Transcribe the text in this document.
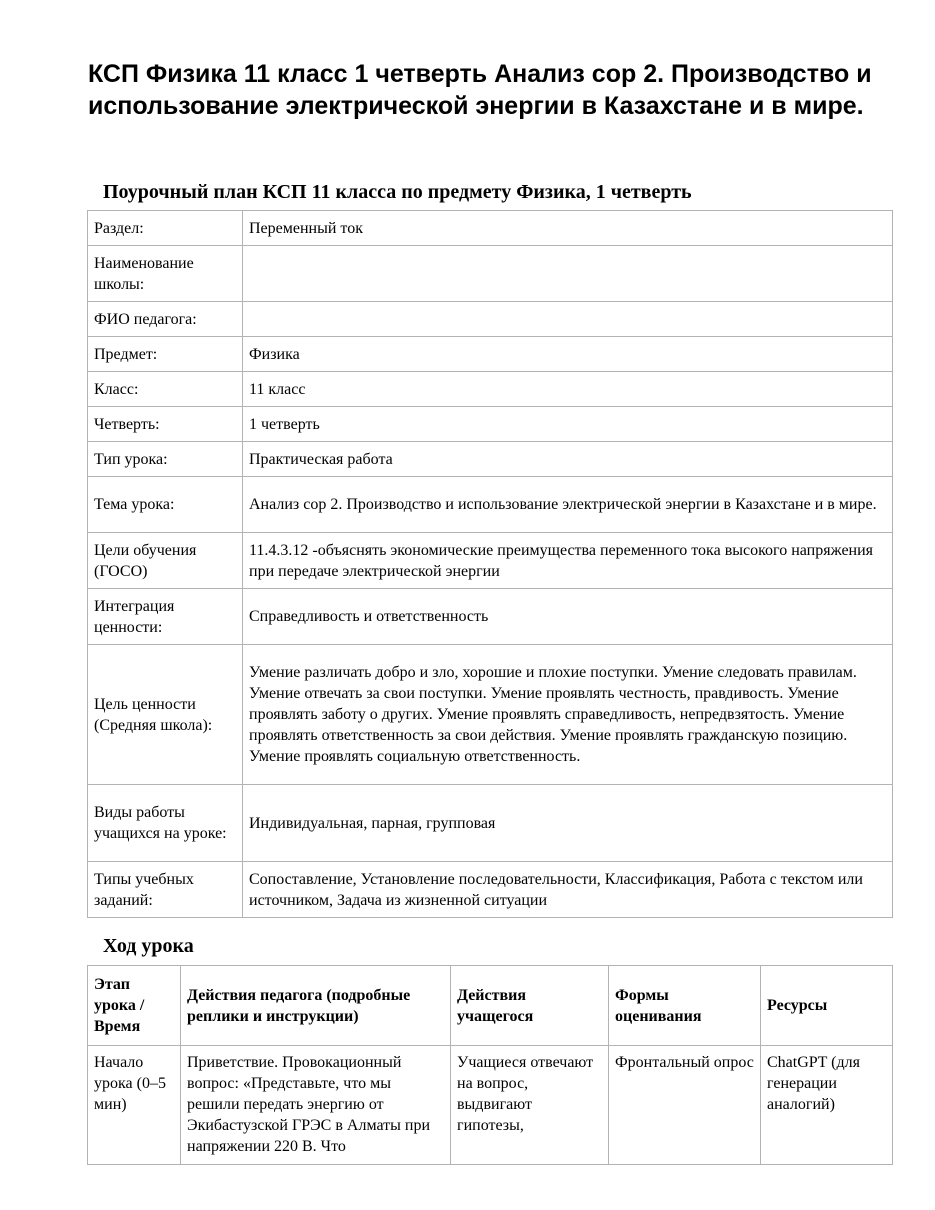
КСП Физика 11 класс 1 четверть Анализ сор 2. Производство и использование электрической энергии в Казахстане и в мире.
Поурочный план КСП 11 класса по предмету Физика, 1 четверть
Раздел:	Переменный ток
Наименование школы:	
ФИО педагога:	
Предмет:	Физика
Класс:	11 класс
Четверть:	1 четверть
Тип урока:	Практическая работа
Тема урока:	Анализ сор 2. Производство и использование электрической энергии в Казахстане и в мире.
Цели обучения (ГОСО)	11.4.3.12 -объяснять экономические преимущества переменного тока высокого напряжения при передаче электрической энергии
Интеграция ценности:	Справедливость и ответственность
Цель ценности (Средняя школа):	Умение различать добро и зло, хорошие и плохие поступки. Умение следовать правилам. Умение отвечать за свои поступки. Умение проявлять честность, правдивость. Умение проявлять заботу о других. Умение проявлять справедливость, непредвзятость. Умение проявлять ответственность за свои действия. Умение проявлять гражданскую позицию. Умение проявлять социальную ответственность.
Виды работы учащихся на уроке:	Индивидуальная, парная, групповая
Типы учебных заданий:	Сопоставление, Установление последовательности, Классификация, Работа с текстом или источником, Задача из жизненной ситуации
Ход урока
Этап урока / Время	Действия педагога (подробные реплики и инструкции)	Действия учащегося	Формы оценивания	Ресурсы
Начало урока (0–5 мин)	Приветствие. Провокационный вопрос: «Представьте, что мы решили передать энергию от Экибастузской ГРЭС в Алматы при напряжении 220 В. Что	Учащиеся отвечают на вопрос, выдвигают гипотезы,	Фронтальный опрос	ChatGPT (для генерации аналогий)
